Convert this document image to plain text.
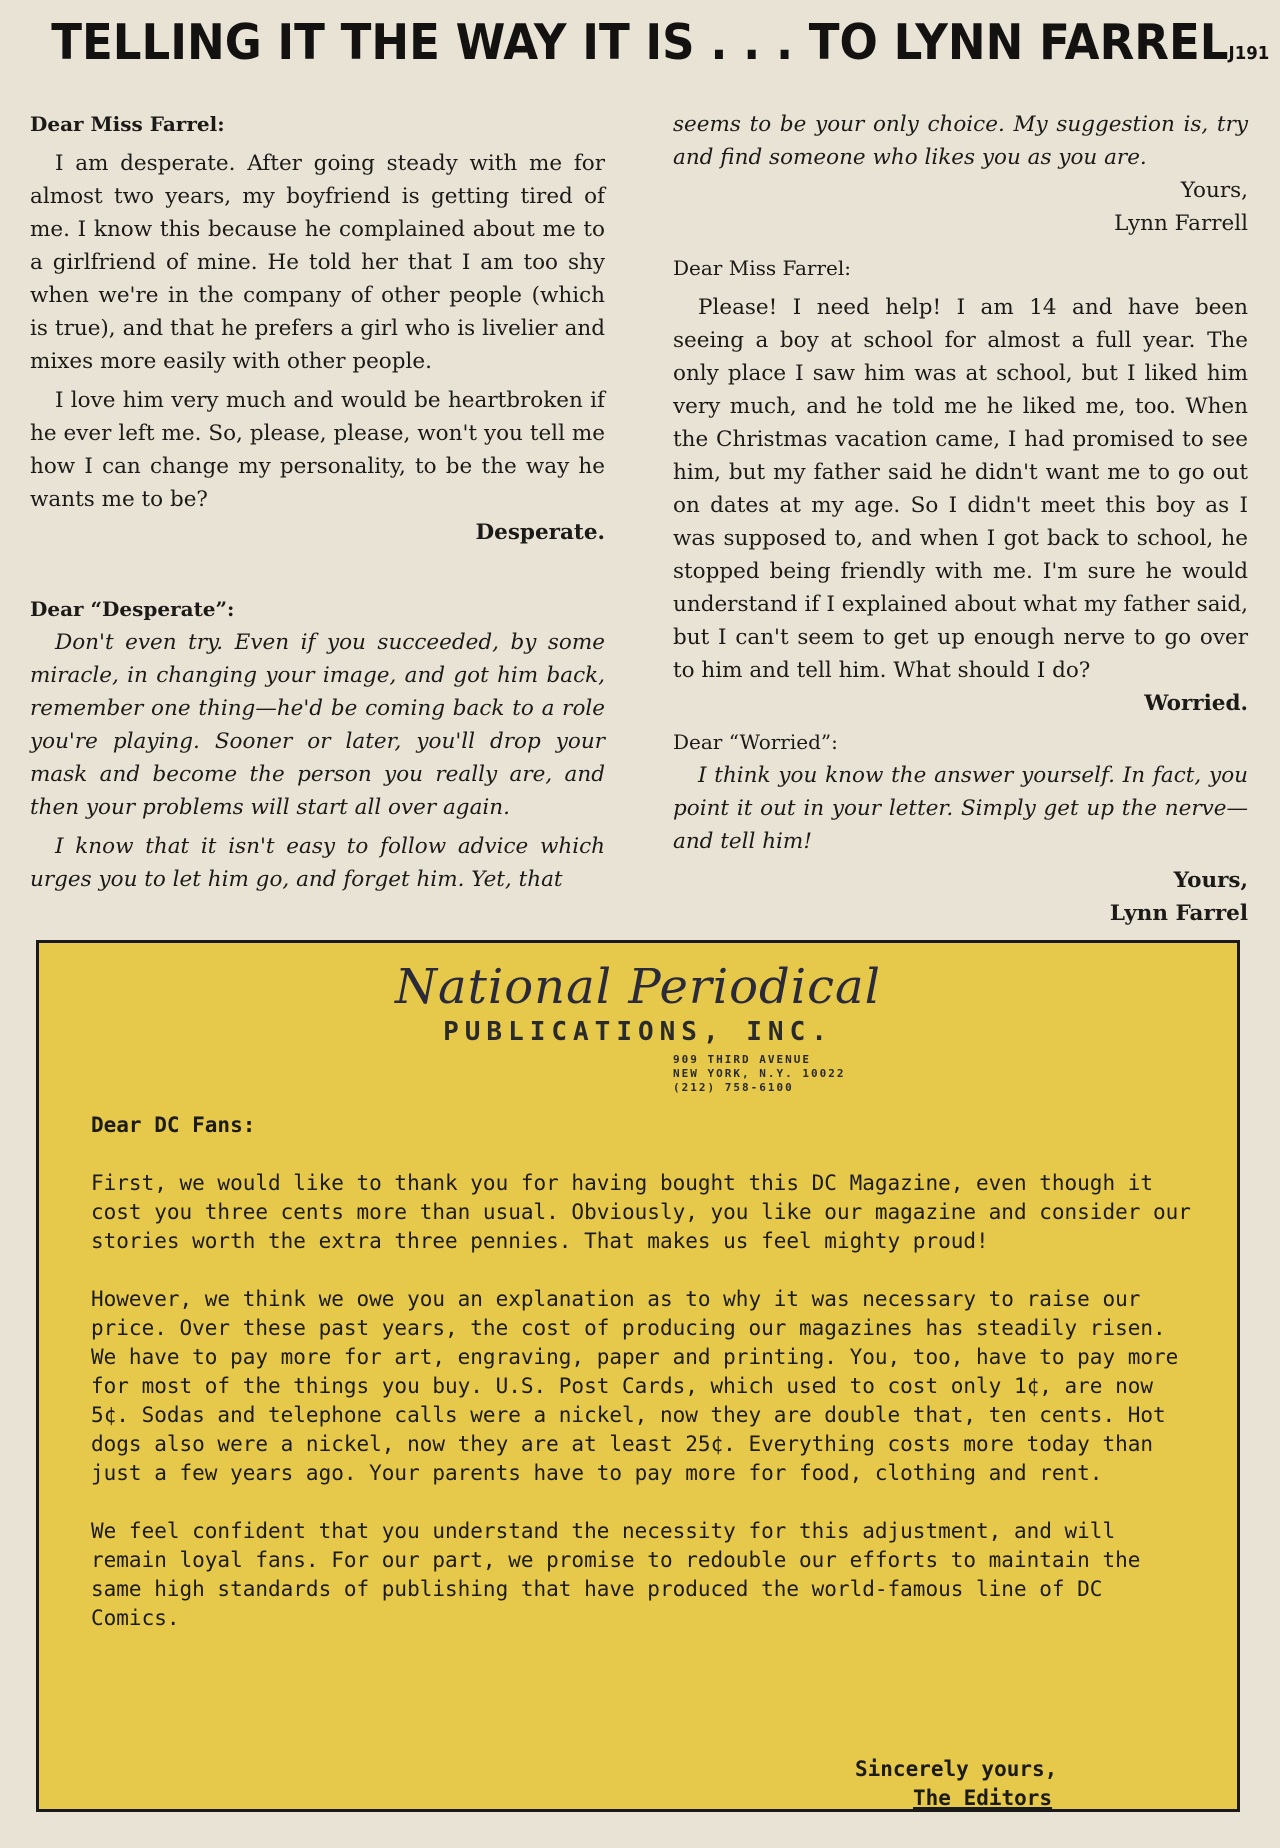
TELLING IT THE WAY IT IS . . . TO LYNN FARRELJ191

Dear Miss Farrel:

I am desperate. After going steady with me for almost two years, my boyfriend is getting tired of me. I know this because he complained about me to a girlfriend of mine. He told her that I am too shy when we're in the company of other people (which is true), and that he prefers a girl who is livelier and mixes more easily with other people.

I love him very much and would be heartbroken if he ever left me. So, please, please, won't you tell me how I can change my personality, to be the way he wants me to be?

Desperate.

Dear “Desperate”:

Don't even try. Even if you succeeded, by some miracle, in changing your image, and got him back, remember one thing—he'd be coming back to a role you're playing. Sooner or later, you'll drop your mask and become the person you really are, and then your problems will start all over again.

I know that it isn't easy to follow advice which urges you to let him go, and forget him. Yet, that

seems to be your only choice. My suggestion is, try and find someone who likes you as you are.

Yours,

Lynn Farrell

Dear Miss Farrel:

Please! I need help! I am 14 and have been seeing a boy at school for almost a full year. The only place I saw him was at school, but I liked him very much, and he told me he liked me, too. When the Christmas vacation came, I had promised to see him, but my father said he didn't want me to go out on dates at my age. So I didn't meet this boy as I was supposed to, and when I got back to school, he stopped being friendly with me. I'm sure he would understand if I explained about what my father said, but I can't seem to get up enough nerve to go over to him and tell him. What should I do?

Worried.

Dear “Worried”:

I think you know the answer yourself. In fact, you point it out in your letter. Simply get up the nerve—and tell him!

Yours,

Lynn Farrel

National Periodical
PUBLICATIONS, INC.
909 THIRD AVENUE
NEW YORK, N.Y. 10022
(212) 758-6100

Dear DC Fans:

First, we would like to thank you for having bought this DC Magazine, even though it cost you three cents more than usual. Obviously, you like our magazine and consider our stories worth the extra three pennies. That makes us feel mighty proud!

However, we think we owe you an explanation as to why it was necessary to raise our price. Over these past years, the cost of producing our magazines has steadily risen. We have to pay more for art, engraving, paper and printing. You, too, have to pay more for most of the things you buy. U.S. Post Cards, which used to cost only 1¢, are now 5¢. Sodas and telephone calls were a nickel, now they are double that, ten cents. Hot dogs also were a nickel, now they are at least 25¢. Everything costs more today than just a few years ago. Your parents have to pay more for food, clothing and rent.

We feel confident that you understand the necessity for this adjustment, and will remain loyal fans. For our part, we promise to redouble our efforts to maintain the same high standards of publishing that have produced the world-famous line of DC Comics.

Sincerely yours,
The Editors
